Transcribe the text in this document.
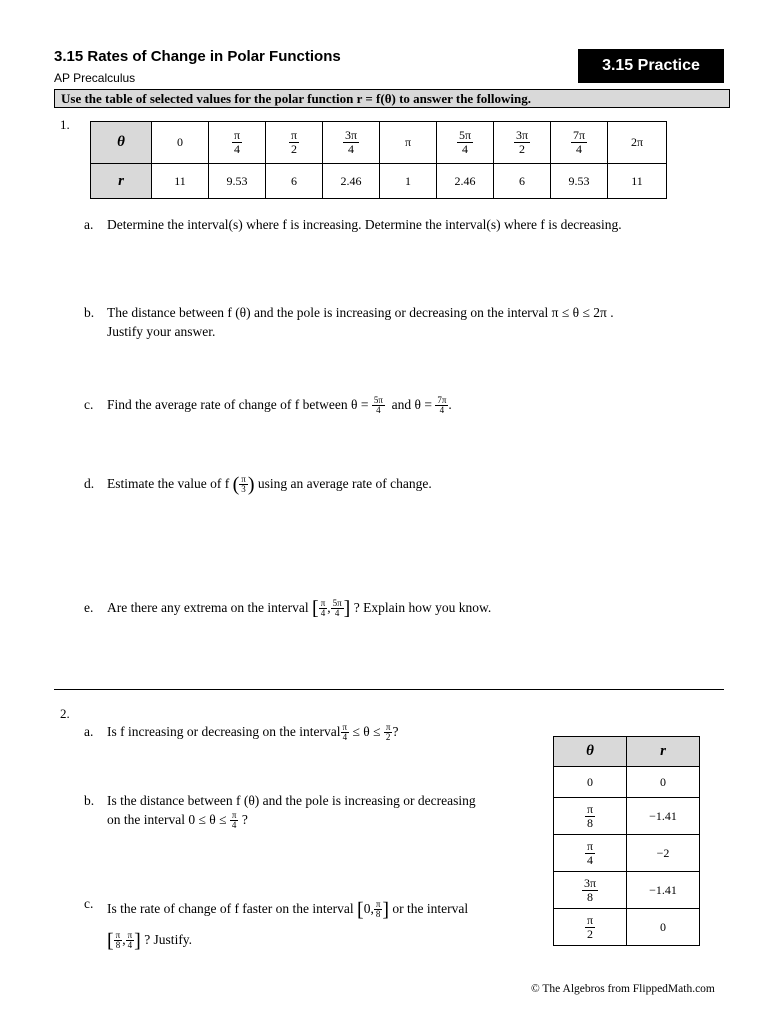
3.15 Rates of Change in Polar Functions
AP Precalculus
3.15 Practice
Use the table of selected values for the polar function r = f(θ) to answer the following.
1.
θ	0	$\frac{\pi}{4}$	$\frac{\pi}{2}$	$\frac{3\pi}{4}$	π	$\frac{5\pi}{4}$	$\frac{3\pi}{2}$	$\frac{7\pi}{4}$	2π
r	11	9.53	6	2.46	1	2.46	6	9.53	11
a. Determine the interval(s) where f is increasing. Determine the interval(s) where f is decreasing.
b. The distance between f (θ) and the pole is increasing or decreasing on the interval π ≤ θ ≤ 2π .
Justify your answer.
c. Find the average rate of change of f between $\theta = \frac{5\pi}{4}$ and $\theta = \frac{7\pi}{4}$ .
d. Estimate the value of f ( $\frac{\pi}{3}$ ) using an average rate of change.
e. Are there any extrema on the interval [ $\frac{\pi}{4}$ , $\frac{5\pi}{4}$ ] ? Explain how you know.
2.
a. Is f increasing or decreasing on the interval $\frac{\pi}{4} \le \theta \le \frac{\pi}{2}$ ?
b. Is the distance between f (θ) and the pole is increasing or decreasing
on the interval $0 \le \theta \le \frac{\pi}{4}$ ?
c. Is the rate of change of f faster on the interval [0, $\frac{\pi}{8}$ ] or the interval
[ $\frac{\pi}{8}$ , $\frac{\pi}{4}$ ] ? Justify.
θ	r
0	0

$\frac{\pi}{8}$	−1.41

$\frac{\pi}{4}$	−2

$\frac{3\pi}{8}$	−1.41

$\frac{\pi}{2}$	0
© The Algebros from FlippedMath.com
